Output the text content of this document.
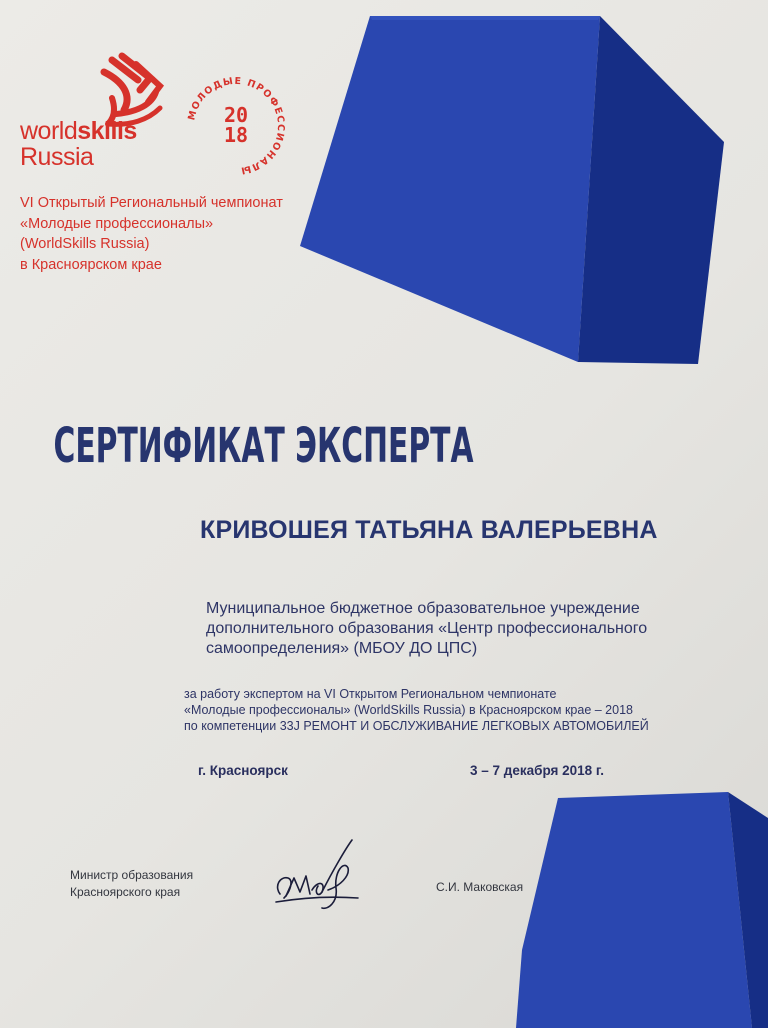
worldskills
Russia
МОЛОДЫЕ ПРОФЕССИОНАЛЫ
20
18
VI Открытый Региональный чемпионат
«Молодые профессионалы»
(WorldSkills Russia)
в Красноярском крае
СЕРТИФИКАТ ЭКСПЕРТА
КРИВОШЕЯ ТАТЬЯНА ВАЛЕРЬЕВНА
Муниципальное бюджетное образовательное учреждение
дополнительного образования «Центр профессионального
самоопределения» (МБОУ ДО ЦПС)
за работу экспертом на VI Открытом Региональном чемпионате
«Молодые профессионалы» (WorldSkills Russia) в Красноярском крае – 2018
по компетенции 33J РЕМОНТ И ОБСЛУЖИВАНИЕ ЛЕГКОВЫХ АВТОМОБИЛЕЙ
г. Красноярск	3 – 7 декабря 2018 г.
Министр образования
Красноярского края	С.И. Маковская
